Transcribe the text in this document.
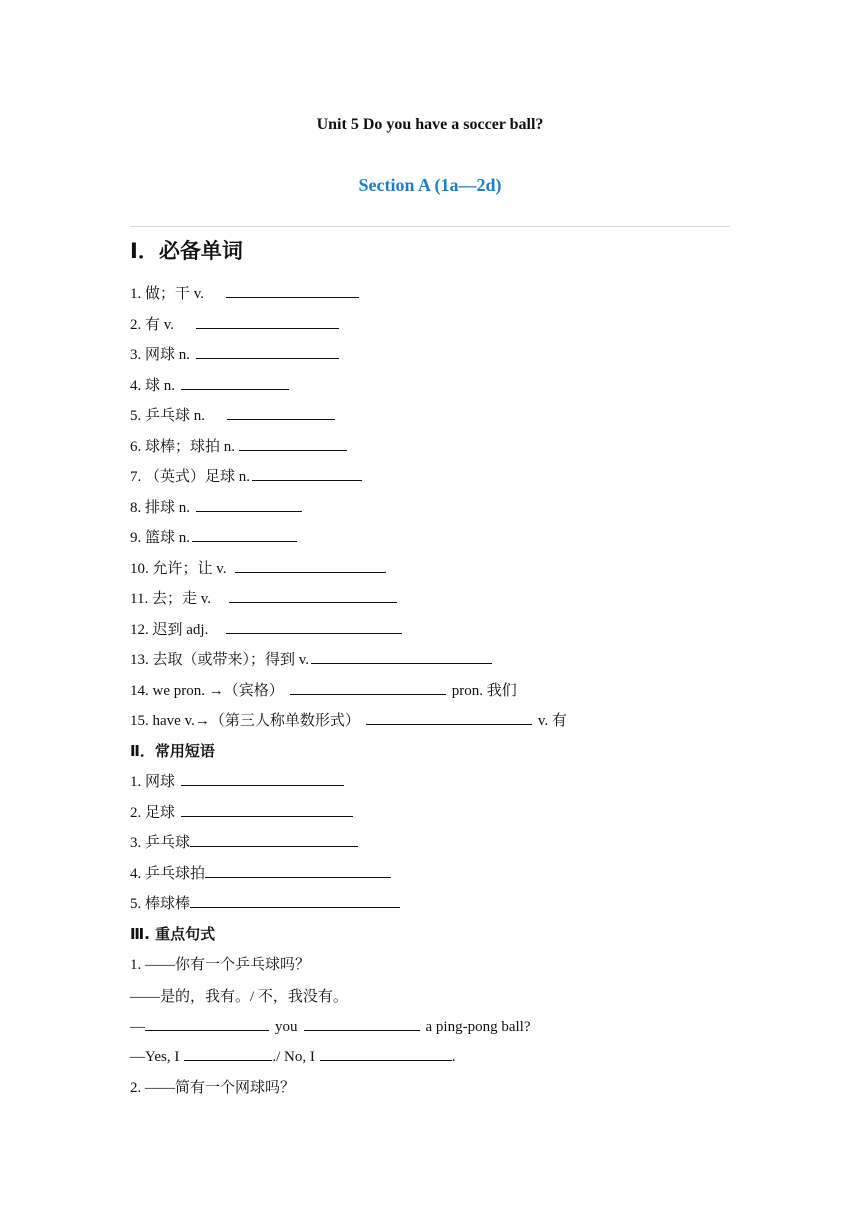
Unit 5 Do you have a soccer ball?
Section A (1a—2d)
Ⅰ．必备单词
1. 做；干 v.
2. 有 v.
3. 网球 n.
4. 球 n.
5. 乒乓球 n.
6. 球棒；球拍 n.
7. （英式）足球 n.
8. 排球 n.
9. 篮球 n.
10. 允许；让 v.
11. 去；走 v.
12. 迟到 adj.
13. 去取（或带来）；得到 v.
14. we pron. →（宾格）	pron. 我们
15. have v.→（第三人称单数形式）	v. 有
Ⅱ．常用短语
1. 网球
2. 足球
3. 乒乓球
4. 乒乓球拍
5. 棒球棒
Ⅲ. 重点句式
1. ——你有一个乒乓球吗？
——是的，我有。/ 不，我没有。
—	you	a ping-pong ball?
—Yes, I	./ No, I	.
2. ——简有一个网球吗？
